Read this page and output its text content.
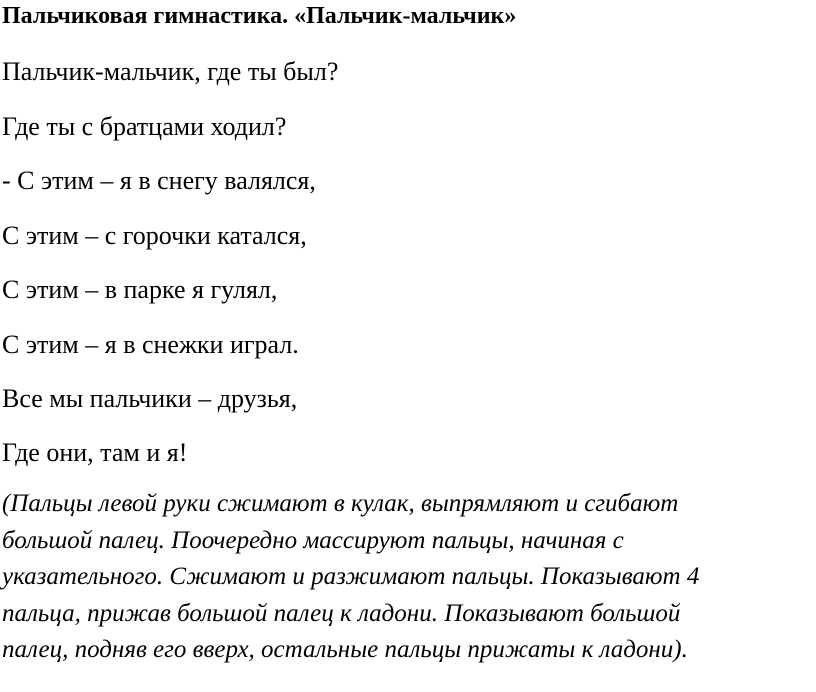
Пальчиковая гимнастика. «Пальчик-мальчик»
Пальчик-мальчик, где ты был?
Где ты с братцами ходил?
- С этим – я в снегу валялся,
С этим – с горочки катался,
С этим – в парке я гулял,
С этим – я в снежки играл.
Все мы пальчики – друзья,
Где они, там и я!
(Пальцы левой руки сжимают в кулак, выпрямляют и сгибают
большой палец. Поочередно массируют пальцы, начиная с
указательного. Сжимают и разжимают пальцы. Показывают 4
пальца, прижав большой палец к ладони. Показывают большой
палец, подняв его вверх, остальные пальцы прижаты к ладони).
